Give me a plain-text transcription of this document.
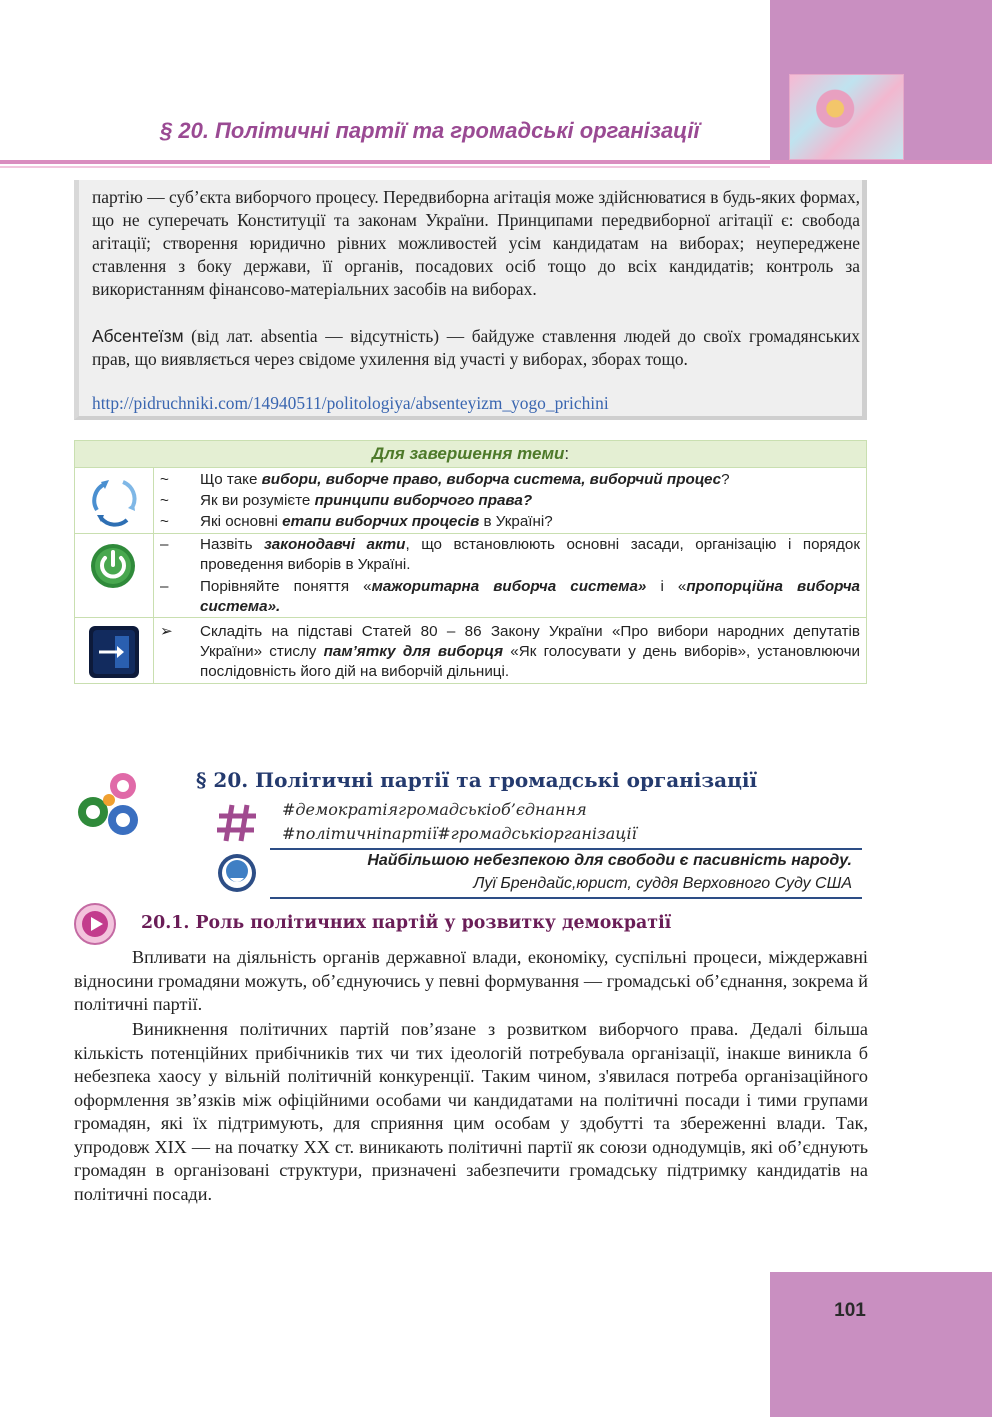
§ 20. Політичні партії та громадські організації

партію — суб’єкта виборчого процесу. Передвиборна агітація може здійснюватися в будь-яких формах, що не суперечать Конституції та законам України. Принципами передвиборної агітації є: свобода агітації; створення юридично рівних можливостей усім кандидатам на виборах; неупереджене ставлення з боку держави, її органів, посадових осіб тощо до всіх кандидатів; контроль за використанням фінансово-матеріальних засобів на виборах.

Абсентеїзм (від лат. absentia — відсутність) — байдуже ставлення людей до своїх громадянських прав, що виявляється через свідоме ухилення від участі у виборах, зборах тощо.

http://pidruchniki.com/14940511/politologiya/absenteyizm_yogo_prichini
Для завершення теми:
~	Що таке вибори, виборче право, виборча система, виборчий процес?
~	Як ви розумієте принципи виборчого права?
~	Які основні етапи виборчих процесів в Україні?
–	Назвіть законодавчі акти, що встановлюють основні засади, організацію і порядок проведення виборів в Україні.
–	Порівняйте поняття «мажоритарна виборча система» і «пропорційна виборча система».
➢	Складіть на підставі Статей 80 – 86 Закону України «Про вибори народних депутатів України» стислу пам’ятку для виборця «Як голосувати у день виборів», установлюючи послідовність його дій на виборчій дільниці.
§ 20. Політичні партії та громадські організації
#демократіягромадськіоб’єднання
#політичніпартії#громадськіорганізації
Найбільшою небезпекою для свободи є пасивність народу.
Луї Брендайс,юрист, суддя Верховного Суду США
20.1. Роль політичних партій у розвитку демократії

Впливати на діяльність органів державної влади, економіку, суспільні процеси, міждержавні відносини громадяни можуть, об’єднуючись у певні формування — громадські об’єднання, зокрема й політичні партії.

Виникнення політичних партій пов’язане з розвитком виборчого права. Дедалі більша кількість потенційних прибічників тих чи тих ідеологій потребувала організації, інакше виникла б небезпека хаосу у вільній політичній конкуренції. Таким чином, з'явилася потреба організаційного оформлення зв’язків між офіційними особами чи кандидатами на політичні посади і тими групами громадян, які їх підтримують, для сприяння цим особам у здобутті та збереженні влади. Так, упродовж XIX — на початку XX ст. виникають політичні партії як союзи однодумців, які об’єднують громадян в організовані структури, призначені забезпечити громадську підтримку кандидатів на політичні посади.

101
